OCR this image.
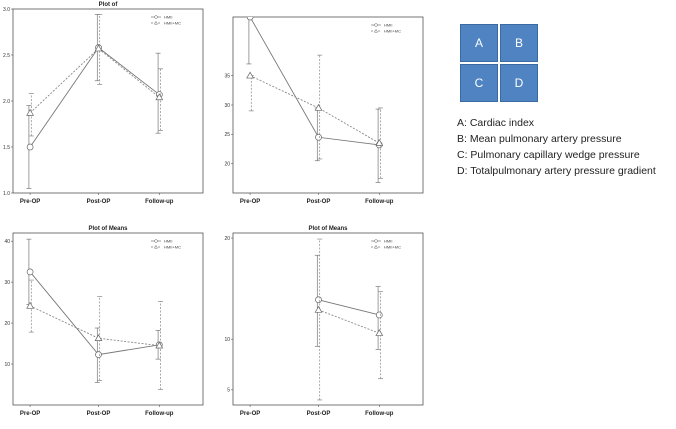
Plot of
1.0
1.5
2.0
2.5
3.0
Pre-OP	Post-OP	Follow-up
HMII
HMII+MC
20
25
30
35
Pre-OP	Post-OP	Follow-up
HMII
HMII+MC
Plot of Means
10
20
30
40
Pre-OP	Post-OP	Follow-up
HMII
HMII+MC
Plot of Means
5
10
20
Pre-OP	Post-OP	Follow-up
HMII
HMII+MC
A	B
C	D
A: Cardiac index
B: Mean pulmonary artery pressure
C: Pulmonary capillary wedge pressure
D: Totalpulmonary artery pressure gradient
